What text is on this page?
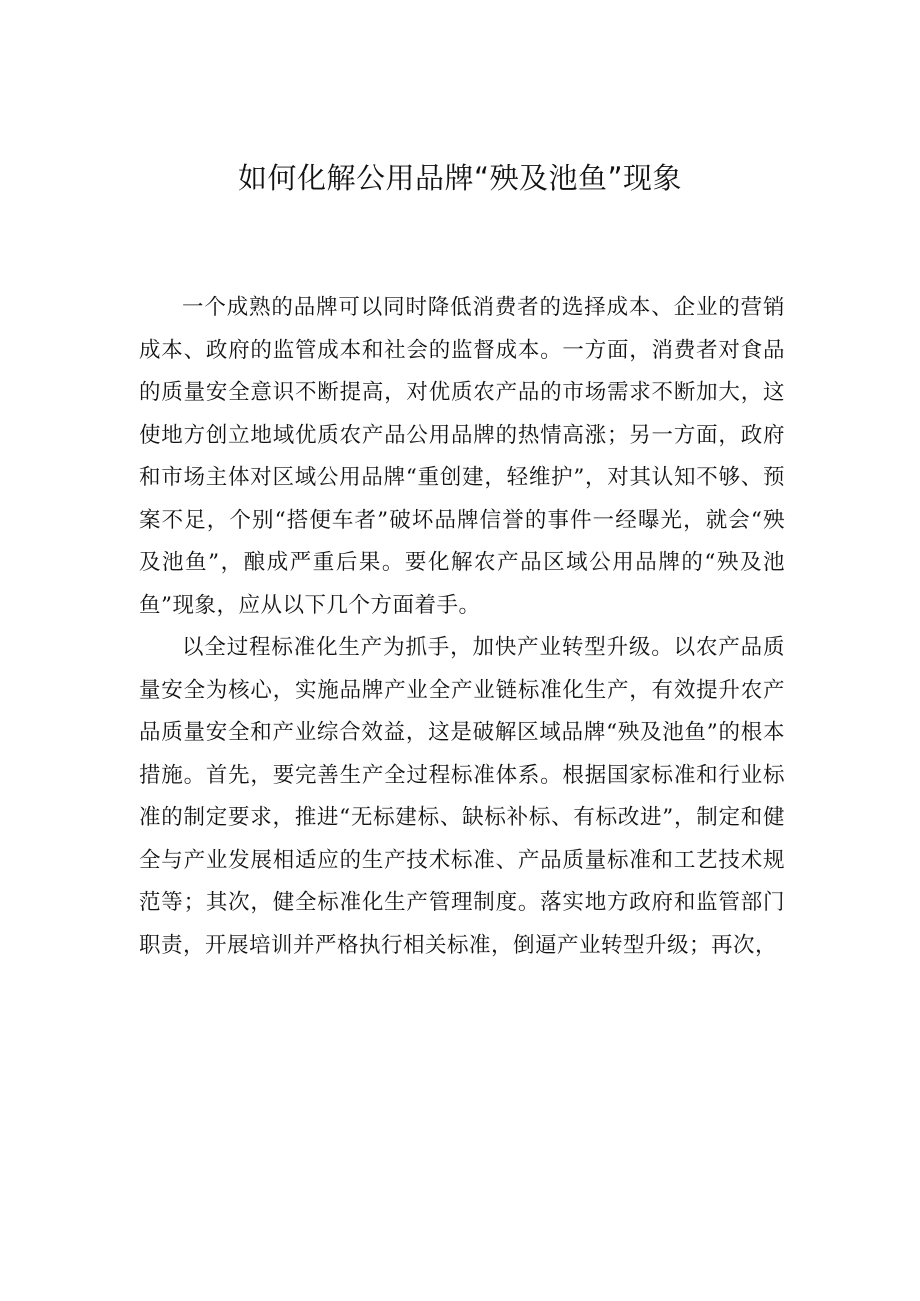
如何化解公用品牌“殃及池鱼”现象

一个成熟的品牌可以同时降低消费者的选择成本、企业的营销成本、政府的监管成本和社会的监督成本。一方面，消费者对食品的质量安全意识不断提高，对优质农产品的市场需求不断加大，这使地方创立地域优质农产品公用品牌的热情高涨；另一方面，政府和市场主体对区域公用品牌“重创建，轻维护”，对其认知不够、预案不足，个别“搭便车者”破坏品牌信誉的事件一经曝光，就会“殃及池鱼”，酿成严重后果。要化解农产品区域公用品牌的“殃及池鱼”现象，应从以下几个方面着手。

以全过程标准化生产为抓手，加快产业转型升级。以农产品质量安全为核心，实施品牌产业全产业链标准化生产，有效提升农产品质量安全和产业综合效益，这是破解区域品牌“殃及池鱼”的根本措施。首先，要完善生产全过程标准体系。根据国家标准和行业标准的制定要求，推进“无标建标、缺标补标、有标改进”，制定和健全与产业发展相适应的生产技术标准、产品质量标准和工艺技术规范等；其次，健全标准化生产管理制度。落实地方政府和监管部门职责，开展培训并严格执行相关标准，倒逼产业转型升级；再次，
